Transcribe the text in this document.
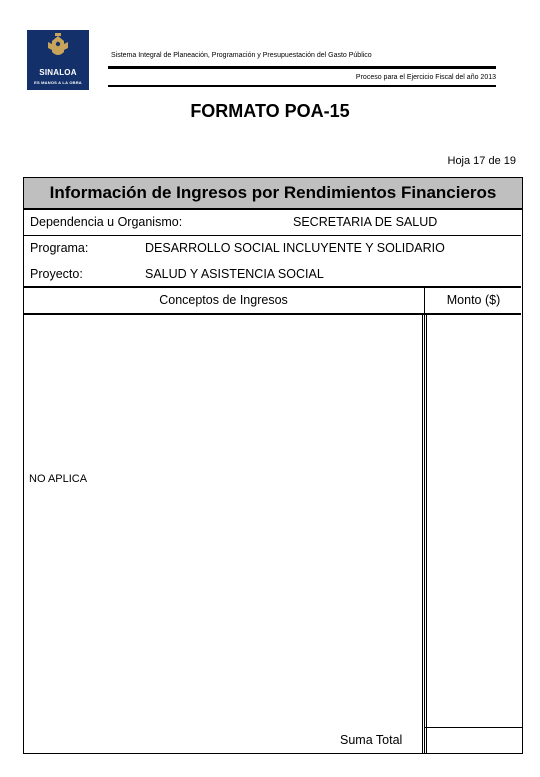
SINALOA
ES MANOS A LA OBRA
Sistema Integral de Planeación, Programación y Presupuestación del Gasto Público
Proceso para el Ejercicio Fiscal del año 2013
FORMATO POA-15
Hoja 17 de 19
Información de Ingresos por Rendimientos Financieros
Dependencia u Organismo:	SECRETARIA DE SALUD
Programa:	DESARROLLO SOCIAL INCLUYENTE Y SOLIDARIO
Proyecto:	SALUD Y ASISTENCIA SOCIAL
Conceptos de Ingresos	Monto ($)
NO APLICA
Suma Total
